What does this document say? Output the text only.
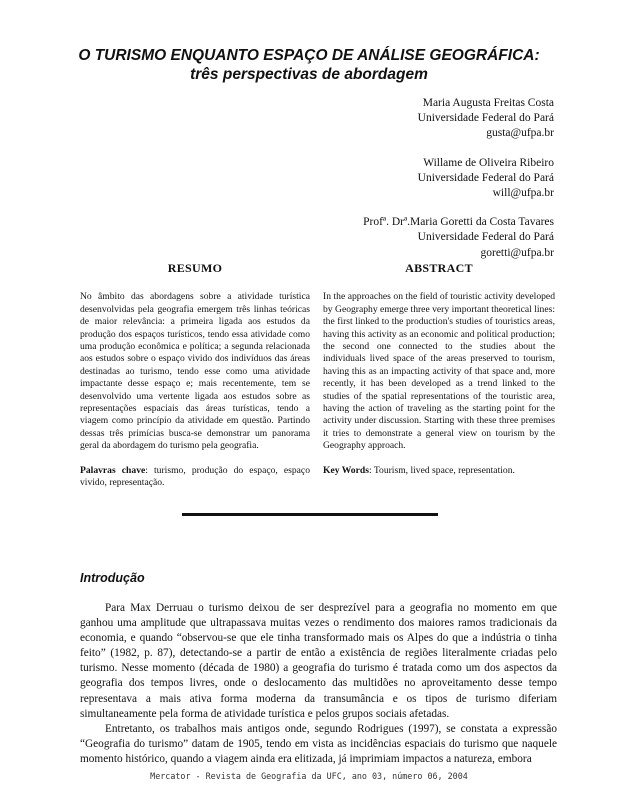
O TURISMO ENQUANTO ESPAÇO DE ANÁLISE GEOGRÁFICA:
três perspectivas de abordagem
Maria Augusta Freitas Costa
Universidade Federal do Pará
gusta@ufpa.br
Willame de Oliveira Ribeiro
Universidade Federal do Pará
will@ufpa.br
Profª. Drª.Maria Goretti da Costa Tavares
Universidade Federal do Pará
goretti@ufpa.br
RESUMO

No âmbito das abordagens sobre a atividade turística desenvolvidas pela geografia emergem três linhas teóricas de maior relevância: a primeira ligada aos estudos da produção dos espaços turísticos, tendo essa atividade como uma produção econômica e política; a segunda relacionada aos estudos sobre o espaço vivido dos indivíduos das áreas destinadas ao turismo, tendo esse como uma atividade impactante desse espaço e; mais recentemente, tem se desenvolvido uma vertente ligada aos estudos sobre as representações espaciais das áreas turísticas, tendo a viagem como princípio da atividade em questão. Partindo dessas três primícias busca-se demonstrar um panorama geral da abordagem do turismo pela geografia.

Palavras chave: turismo, produção do espaço, espaço vivido, representação.

ABSTRACT

In the approaches on the field of touristic activity developed by Geography emerge three very important theoretical lines: the first linked to the production's studies of touristics areas, having this activity as an economic and political production; the second one connected to the studies about the individuals lived space of the areas preserved to tourism, having this as an impacting activity of that space and, more recently, it has been developed as a trend linked to the studies of the spatial representations of the touristic area, having the action of traveling as the starting point for the activity under discussion. Starting with these three premises it tries to demonstrate a general view on tourism by the Geography approach.

Key Words: Tourism, lived space, representation.

Introdução

Para Max Derruau o turismo deixou de ser desprezível para a geografia no momento em que ganhou uma amplitude que ultrapassava muitas vezes o rendimento dos maiores ramos tradicionais da economia, e quando “observou-se que ele tinha transformado mais os Alpes do que a indústria o tinha feito” (1982, p. 87), detectando-se a partir de então a existência de regiões literalmente criadas pelo turismo. Nesse momento (década de 1980) a geografia do turismo é tratada como um dos aspectos da geografia dos tempos livres, onde o deslocamento das multidões no aproveitamento desse tempo representava a mais ativa forma moderna da transumância e os tipos de turismo diferiam simultaneamente pela forma de atividade turística e pelos grupos sociais afetadas.

Entretanto, os trabalhos mais antigos onde, segundo Rodrigues (1997), se constata a expressão “Geografia do turismo” datam de 1905, tendo em vista as incidências espaciais do turismo que naquele momento histórico, quando a viagem ainda era elitizada, já imprimiam impactos a natureza, embora

Mercator - Revista de Geografia da UFC, ano 03, número 06, 2004
